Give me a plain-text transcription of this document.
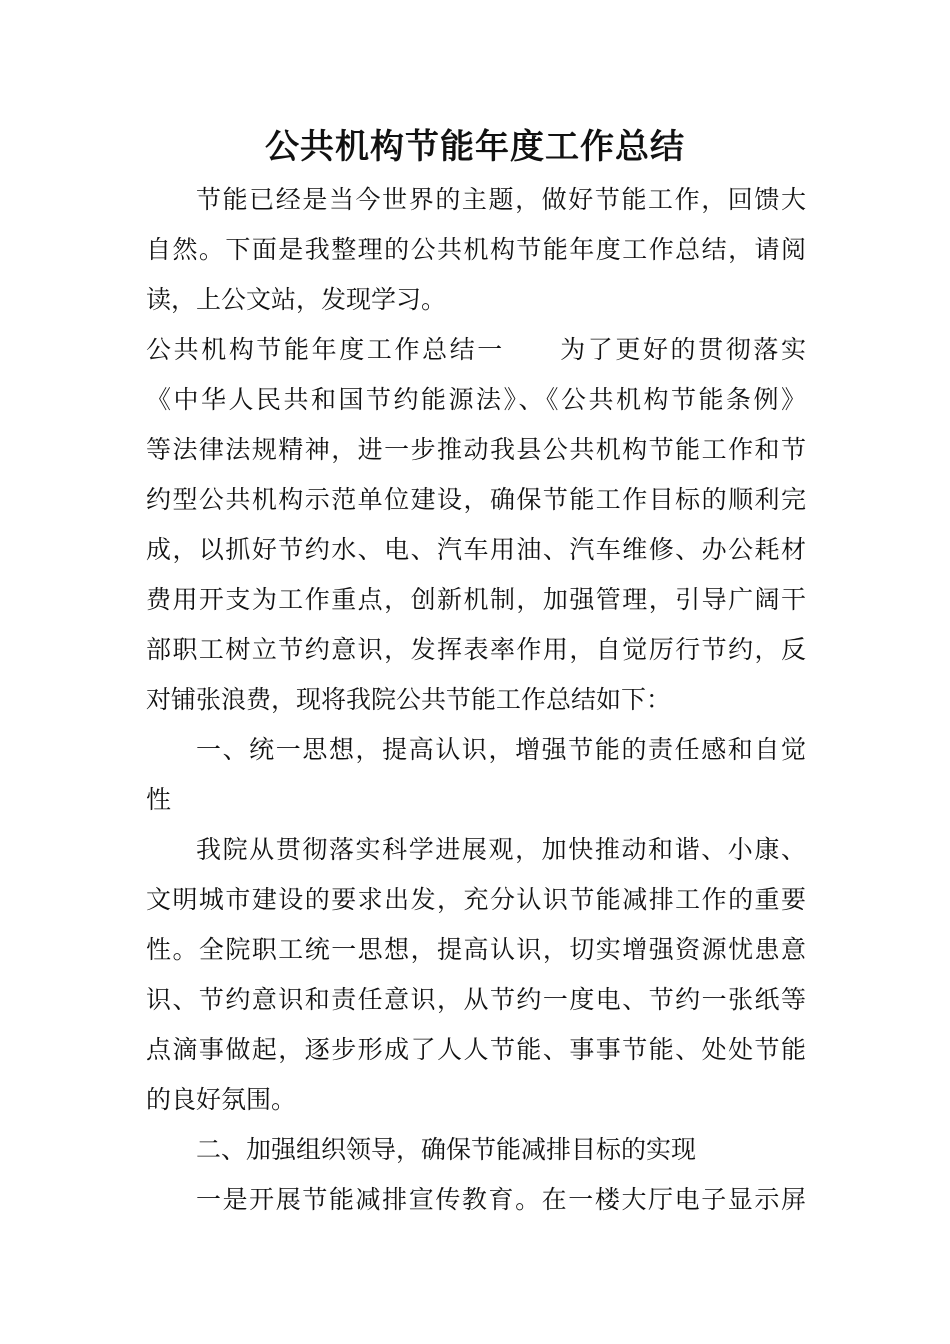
公共机构节能年度工作总结

节能已经是当今世界的主题，做好节能工作，回馈大

自然。下面是我整理的公共机构节能年度工作总结，请阅

读，上公文站，发现学习。

公共机构节能年度工作总结一　　为了更好的贯彻落实

《中华人民共和国节约能源法》、《公共机构节能条例》

等法律法规精神，进一步推动我县公共机构节能工作和节

约型公共机构示范单位建设，确保节能工作目标的顺利完

成，以抓好节约水、电、汽车用油、汽车维修、办公耗材

费用开支为工作重点，创新机制，加强管理，引导广阔干

部职工树立节约意识，发挥表率作用，自觉厉行节约，反

对铺张浪费，现将我院公共节能工作总结如下：

一、统一思想，提高认识，增强节能的责任感和自觉

性

我院从贯彻落实科学进展观，加快推动和谐、小康、

文明城市建设的要求出发，充分认识节能减排工作的重要

性。全院职工统一思想，提高认识，切实增强资源忧患意

识、节约意识和责任意识，从节约一度电、节约一张纸等

点滴事做起，逐步形成了人人节能、事事节能、处处节能

的良好氛围。

二、加强组织领导，确保节能减排目标的实现

一是开展节能减排宣传教育。在一楼大厅电子显示屏
